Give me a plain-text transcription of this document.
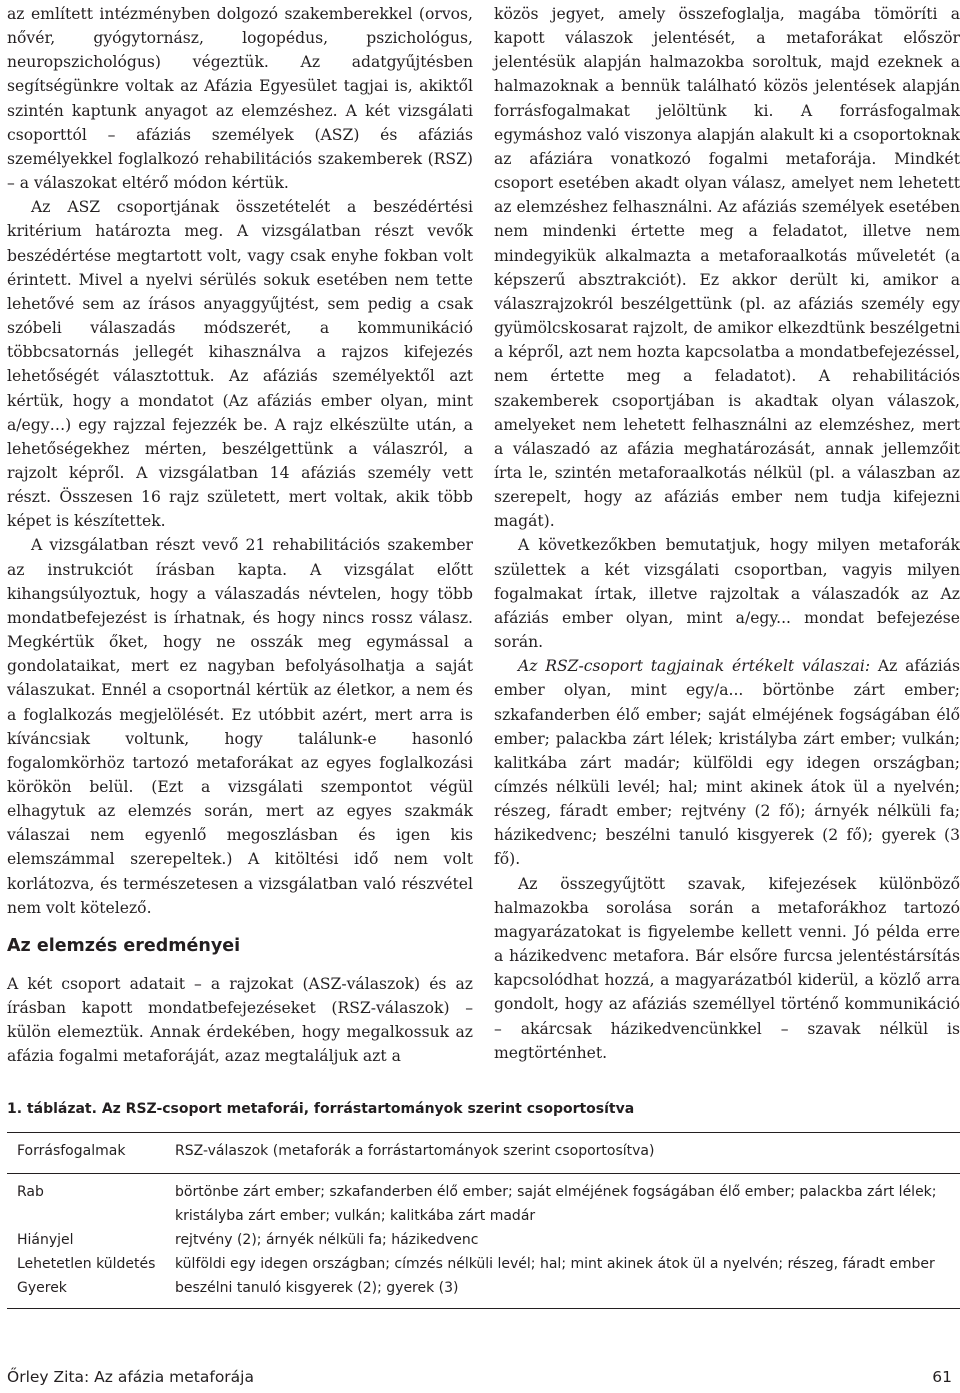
az említett intézményben dolgozó szakemberekkel (orvos, nővér, gyógytornász, logopédus, pszichológus, neuropszichológus) végeztük. Az adatgyűjtésben segítségünkre voltak az Afázia Egyesület tagjai is, akiktől szintén kaptunk anyagot az elemzéshez. A két vizsgálati csoporttól – afáziás személyek (ASZ) és afáziás személyekkel foglalkozó rehabilitációs szakemberek (RSZ) – a válaszokat eltérő módon kértük.

Az ASZ csoportjának összetételét a beszédértési kritérium határozta meg. A vizsgálatban részt vevők beszédértése megtartott volt, vagy csak enyhe fokban volt érintett. Mivel a nyelvi sérülés sokuk esetében nem tette lehetővé sem az írásos anyaggyűjtést, sem pedig a csak szóbeli válaszadás módszerét, a kommunikáció többcsatornás jellegét kihasználva a rajzos kifejezés lehetőségét választottuk. Az afáziás személyektől azt kértük, hogy a mondatot (Az afáziás ember olyan, mint a/egy…) egy rajzzal fejezzék be. A rajz elkészülte után, a lehetőségekhez mérten, beszélgettünk a válaszról, a rajzolt képről. A vizsgálatban 14 afáziás személy vett részt. Összesen 16 rajz született, mert voltak, akik több képet is készítettek.

A vizsgálatban részt vevő 21 rehabilitációs szakember az instrukciót írásban kapta. A vizsgálat előtt kihangsúlyoztuk, hogy a válaszadás névtelen, hogy több mondatbefejezést is írhatnak, és hogy nincs rossz válasz. Megkértük őket, hogy ne osszák meg egymással a gondolataikat, mert ez nagyban befolyásolhatja a saját válaszukat. Ennél a csoportnál kértük az életkor, a nem és a foglalkozás megjelölését. Ez utóbbit azért, mert arra is kíváncsiak voltunk, hogy találunk-e hasonló fogalomkörhöz tartozó metaforákat az egyes foglalkozási körökön belül. (Ezt a vizsgálati szempontot végül elhagytuk az elemzés során, mert az egyes szakmák válaszai nem egyenlő megoszlásban és igen kis elemszámmal szerepeltek.) A kitöltési idő nem volt korlátozva, és természetesen a vizsgálatban való részvétel nem volt kötelező.

Az elemzés eredményei

A két csoport adatait – a rajzokat (ASZ-válaszok) és az írásban kapott mondatbefejezéseket (RSZ-válaszok) – külön elemeztük. Annak érdekében, hogy megalkossuk az afázia fogalmi metaforáját, azaz megtaláljuk azt a

közös jegyet, amely összefoglalja, magába tömöríti a kapott válaszok jelentését, a metaforákat először jelentésük alapján halmazokba soroltuk, majd ezeknek a halmazoknak a bennük található közös jelentések alapján forrásfogalmakat jelöltünk ki. A forrásfogalmak egymáshoz való viszonya alapján alakult ki a csoportoknak az afáziára vonatkozó fogalmi metaforája. Mindkét csoport esetében akadt olyan válasz, amelyet nem lehetett az elemzéshez felhasználni. Az afáziás személyek esetében nem mindenki értette meg a feladatot, illetve nem mindegyikük alkalmazta a metaforaalkotás műveletét (a képszerű absztrakciót). Ez akkor derült ki, amikor a válaszrajzokról beszélgettünk (pl. az afáziás személy egy gyümölcskosarat rajzolt, de amikor elkezdtünk beszélgetni a képről, azt nem hozta kapcsolatba a mondatbefejezéssel, nem értette meg a feladatot). A rehabilitációs szakemberek csoportjában is akadtak olyan válaszok, amelyeket nem lehetett felhasználni az elemzéshez, mert a válaszadó az afázia meghatározását, annak jellemzőit írta le, szintén metaforaalkotás nélkül (pl. a válaszban az szerepelt, hogy az afáziás ember nem tudja kifejezni magát).

A következőkben bemutatjuk, hogy milyen metaforák születtek a két vizsgálati csoportban, vagyis milyen fogalmakat írtak, illetve rajzoltak a válaszadók az Az afáziás ember olyan, mint a/egy... mondat befejezése során.

Az RSZ-csoport tagjainak értékelt válaszai: Az afáziás ember olyan, mint egy/a... börtönbe zárt ember; szkafanderben élő ember; saját elméjének fogságában élő ember; palackba zárt lélek; kristályba zárt ember; vulkán; kalitkába zárt madár; külföldi egy idegen országban; címzés nélküli levél; hal; mint akinek átok ül a nyelvén; részeg, fáradt ember; rejtvény (2 fő); árnyék nélküli fa; házikedvenc; beszélni tanuló kisgyerek (2 fő); gyerek (3 fő).

Az összegyűjtött szavak, kifejezések különböző halmazokba sorolása során a metaforákhoz tartozó magyarázatokat is figyelembe kellett venni. Jó példa erre a házikedvenc metafora. Bár elsőre furcsa jelentéstársítás kapcsolódhat hozzá, a magyarázatból kiderül, a közlő arra gondolt, hogy az afáziás személlyel történő kommunikáció – akárcsak házikedvencünkkel – szavak nélkül is megtörténhet.

1. táblázat. Az RSZ-csoport metaforái, forrástartományok szerint csoportosítva
Forrásfogalmak	RSZ-válaszok (metaforák a forrástartományok szerint csoportosítva)
Rab	börtönbe zárt ember; szkafanderben élő ember; saját elméjének fogságában élő ember; palackba zárt lélek; kristályba zárt ember; vulkán; kalitkába zárt madár
Hiányjel	rejtvény (2); árnyék nélküli fa; házikedvenc
Lehetetlen küldetés	külföldi egy idegen országban; címzés nélküli levél; hal; mint akinek átok ül a nyelvén; részeg, fáradt ember
Gyerek	beszélni tanuló kisgyerek (2); gyerek (3)
Őrley Zita: Az afázia metaforája	61
